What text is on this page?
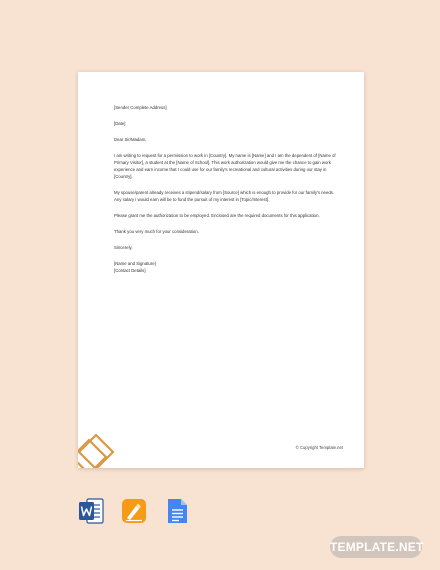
[Sender Complete Address]

[Date]

Dear Sir/Madam,

I am writing to request for a permission to work in [Country]. My name is [Name] and I am the dependent of [Name of Primary Visitor], a student at the [Name of School]. This work authorization would give me the chance to gain work experience and earn income that I could use for our family's recreational and cultural activities during our stay in [Country].

My spouse/parent already receives a stipend/salary from [Source] which is enough to provide for our family's needs. Any salary I would earn will be to fund the pursuit of my interest in [Topic/Interest].

Please grant me the authorization to be employed. Enclosed are the required documents for this application.

Thank you very much for your consideration.

Sincerely,

[Name and Signature]

[Contact Details]

© Copyright Template.net
TEMPLATE.NET
